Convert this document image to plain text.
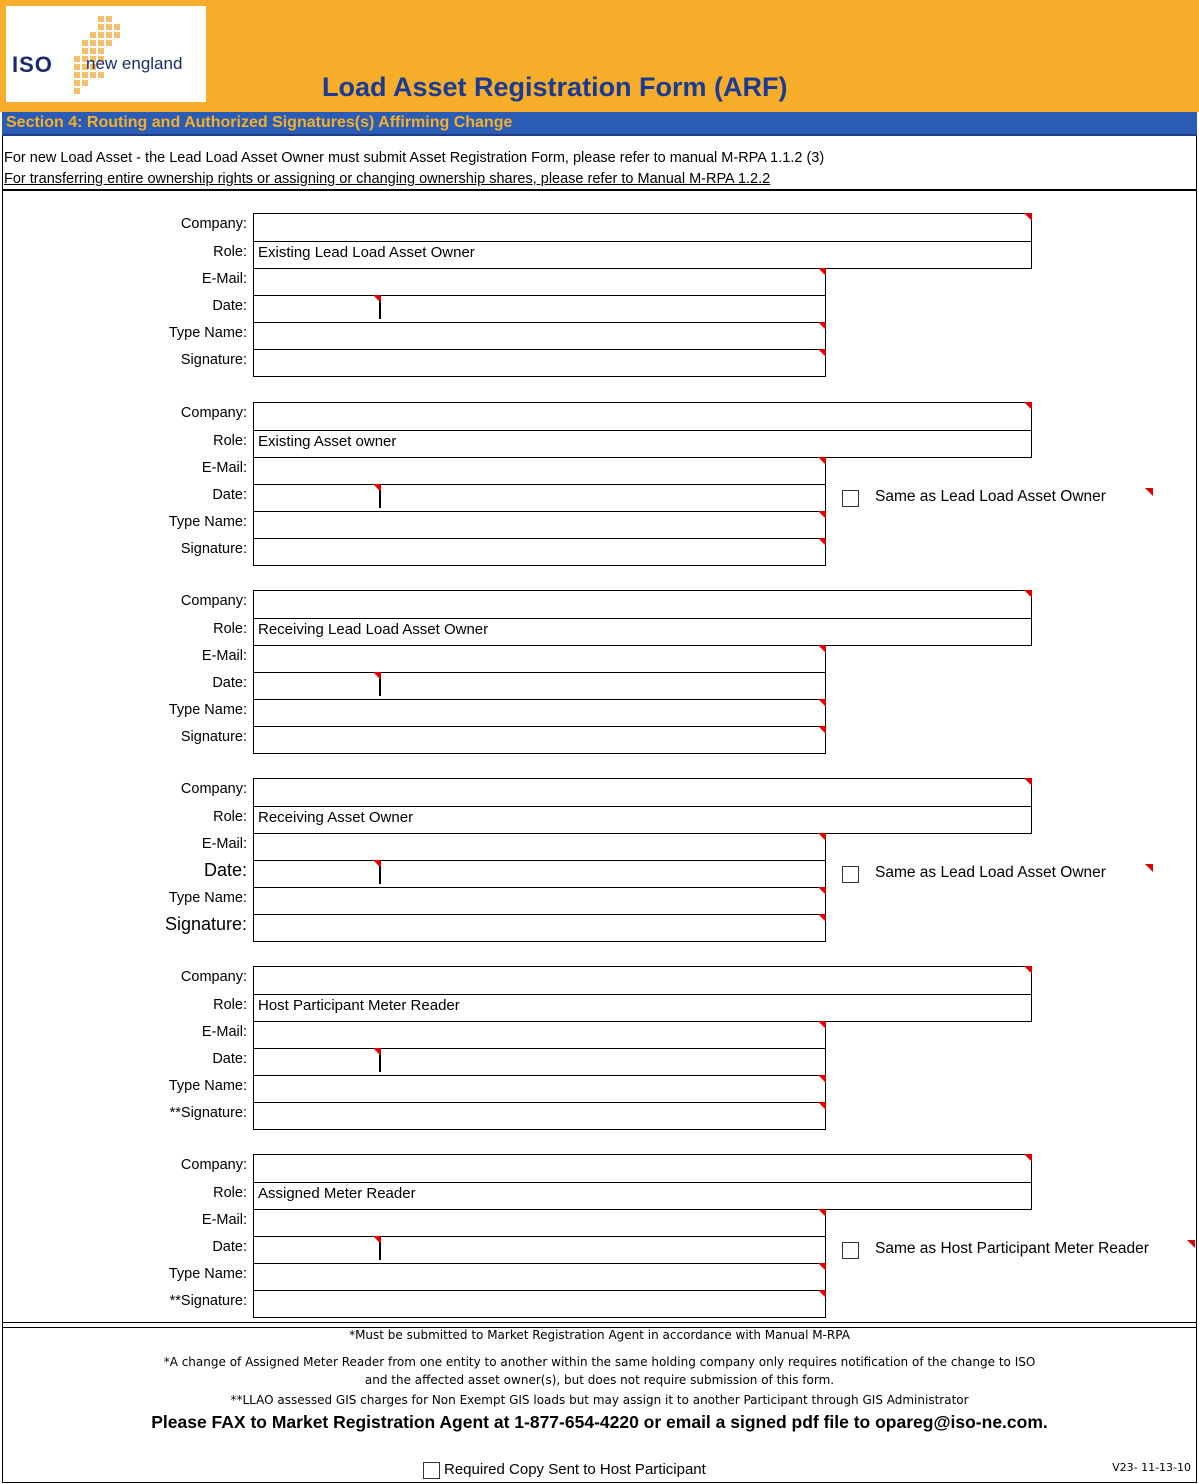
ISO new england
Load Asset Registration Form (ARF)
Section 4: Routing and Authorized Signatures(s) Affirming Change
For new Load Asset - the Lead Load Asset Owner must submit Asset Registration Form, please refer to manual M-RPA 1.1.2 (3)
For transferring entire ownership rights or assigning or changing ownership shares, please refer to Manual M-RPA 1.2.2
Company:
Role: Existing Lead Load Asset Owner
E-Mail:
Date:
Type Name:
Signature:
Company:
Role: Existing Asset owner
E-Mail:
Date:
Type Name:
Signature:
Same as Lead Load Asset Owner
Company:
Role: Receiving Lead Load Asset Owner
E-Mail:
Date:
Type Name:
Signature:
Company:
Role: Receiving Asset Owner
E-Mail:
Date:
Type Name:
Signature:
Same as Lead Load Asset Owner
Company:
Role: Host Participant Meter Reader
E-Mail:
Date:
Type Name:
**Signature:
Company:
Role: Assigned Meter Reader
E-Mail:
Date:
Type Name:
**Signature:
Same as Host Participant Meter Reader
*Must be submitted to Market Registration Agent in accordance with Manual M-RPA
*A change of Assigned Meter Reader from one entity to another within the same holding company only requires notification of the change to ISO
and the affected asset owner(s), but does not require submission of this form.
**LLAO assessed GIS charges for Non Exempt GIS loads but may assign it to another Participant through GIS Administrator
Please FAX to Market Registration Agent at 1-877-654-4220 or email a signed pdf file to opareg@iso-ne.com.
Required Copy Sent to Host Participant	V23- 11-13-10
